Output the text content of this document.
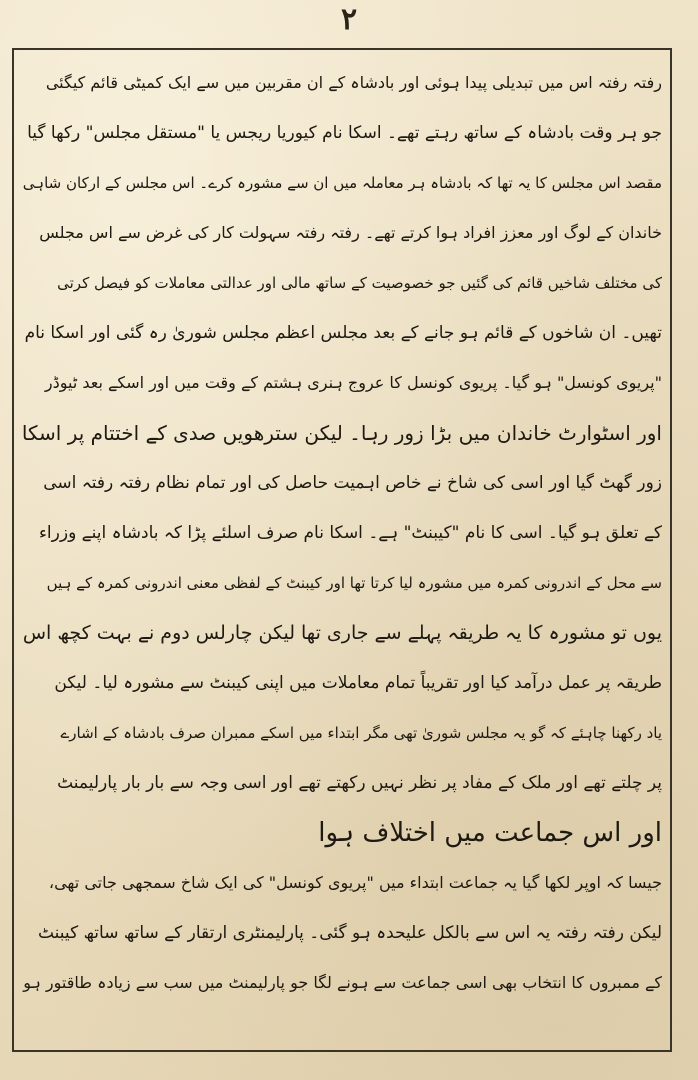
۲
رفتہ رفتہ اس میں تبدیلی پیدا ہوئی اور بادشاہ کے ان مقربین میں سے ایک کمیٹی قائم کیگئی
جو ہر وقت بادشاہ کے ساتھ رہتے تھے۔ اسکا نام کیوریا ریجس یا "مستقل مجلس" رکھا گیا
مقصد اس مجلس کا یہ تھا کہ بادشاہ ہر معاملہ میں ان سے مشورہ کرے۔ اس مجلس کے ارکان شاہی
خاندان کے لوگ اور معزز افراد ہوا کرتے تھے۔ رفتہ رفتہ سہولت کار کی غرض سے اس مجلس
کی مختلف شاخیں قائم کی گئیں جو خصوصیت کے ساتھ مالی اور عدالتی معاملات کو فیصل کرتی
تھیں۔ ان شاخوں کے قائم ہو جانے کے بعد مجلس اعظم مجلس شوریٰ رہ گئی اور اسکا نام
"پریوی کونسل" ہو گیا۔ پریوی کونسل کا عروج ہنری ہشتم کے وقت میں اور اسکے بعد ٹیوڈر
اور اسٹوارٹ خاندان میں بڑا زور رہا۔ لیکن سترھویں صدی کے اختتام پر اسکا
زور گھٹ گیا اور اسی کی شاخ نے خاص اہمیت حاصل کی اور تمام نظام رفتہ رفتہ اسی
کے تعلق ہو گیا۔ اسی کا نام "کیبنٹ" ہے۔ اسکا نام صرف اسلئے پڑا کہ بادشاہ اپنے وزراء
سے محل کے اندرونی کمرہ میں مشورہ لیا کرتا تھا اور کیبنٹ کے لفظی معنی اندرونی کمرہ کے ہیں
یوں تو مشورہ کا یہ طریقہ پہلے سے جاری تھا لیکن چارلس دوم نے بہت کچھ اس
طریقہ پر عمل درآمد کیا اور تقریباً تمام معاملات میں اپنی کیبنٹ سے مشورہ لیا۔ لیکن
یاد رکھنا چاہئے کہ گو یہ مجلس شوریٰ تھی مگر ابتداء میں اسکے ممبران صرف بادشاہ کے اشارے
پر چلتے تھے اور ملک کے مفاد پر نظر نہیں رکھتے تھے اور اسی وجہ سے بار بار پارلیمنٹ
اور اس جماعت میں اختلاف ہوا
جیسا کہ اوپر لکھا گیا یہ جماعت ابتداء میں "پریوی کونسل" کی ایک شاخ سمجھی جاتی تھی،
لیکن رفتہ رفتہ یہ اس سے بالکل علیحدہ ہو گئی۔ پارلیمنٹری ارتقار کے ساتھ ساتھ کیبنٹ
کے ممبروں کا انتخاب بھی اسی جماعت سے ہونے لگا جو پارلیمنٹ میں سب سے زیادہ طاقتور ہو
